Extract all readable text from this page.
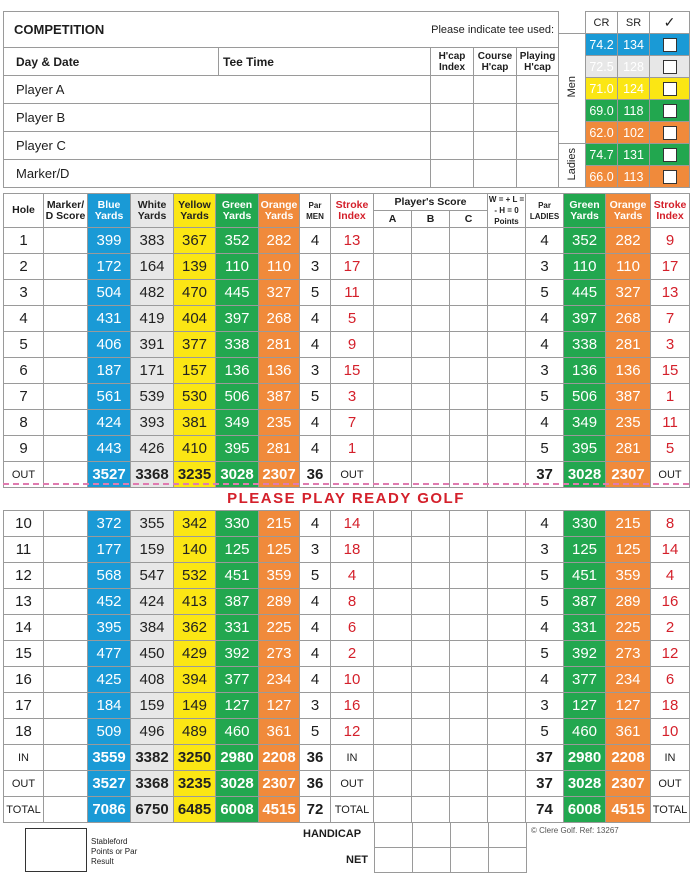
COMPETITION Please indicate tee used:				

Day & Date	Tee Time	H'cap Index	Course H'cap	Playing H'cap
Player A				
Player B				
Player C				
Marker/D				
	CR	SR	✓
Men	74.2	134	
	72.5	128	
	71.0	124	
	69.0	118	
	62.0	102	
Ladies	74.7	131	
	66.0	113	
Hole	Marker/ D Score	Blue Yards	White Yards	Yellow Yards	Green Yards	Orange Yards	Par MEN	Stroke Index	Player's Score			W = + L = - H = 0 Points	Par LADIES	Green Yards	Orange Yards	Stroke Index
									A	B	C					
1		399	383	367	352	282	4	13					4	352	282	9
2		172	164	139	110	110	3	17					3	110	110	17
3		504	482	470	445	327	5	11					5	445	327	13
4		431	419	404	397	268	4	5					4	397	268	7
5		406	391	377	338	281	4	9					4	338	281	3
6		187	171	157	136	136	3	15					3	136	136	15
7		561	539	530	506	387	5	3					5	506	387	1
8		424	393	381	349	235	4	7					4	349	235	11
9		443	426	410	395	281	4	1					5	395	281	5
OUT		3527	3368	3235	3028	2307	36	OUT					37	3028	2307	OUT
PLEASE PLAY READY GOLF
10		372	355	342	330	215	4	14					4	330	215	8
11		177	159	140	125	125	3	18					3	125	125	14
12		568	547	532	451	359	5	4					5	451	359	4
13		452	424	413	387	289	4	8					5	387	289	16
14		395	384	362	331	225	4	6					4	331	225	2
15		477	450	429	392	273	4	2					5	392	273	12
16		425	408	394	377	234	4	10					4	377	234	6
17		184	159	149	127	127	3	16					3	127	127	18
18		509	496	489	460	361	5	12					5	460	361	10
IN		3559	3382	3250	2980	2208	36	IN					37	2980	2208	IN
OUT		3527	3368	3235	3028	2307	36	OUT					37	3028	2307	OUT
TOTAL		7086	6750	6485	6008	4515	72	TOTAL					74	6008	4515	TOTAL
Stableford Points or Par Result
HANDICAP
NET

© Clere Golf. Ref: 13267
